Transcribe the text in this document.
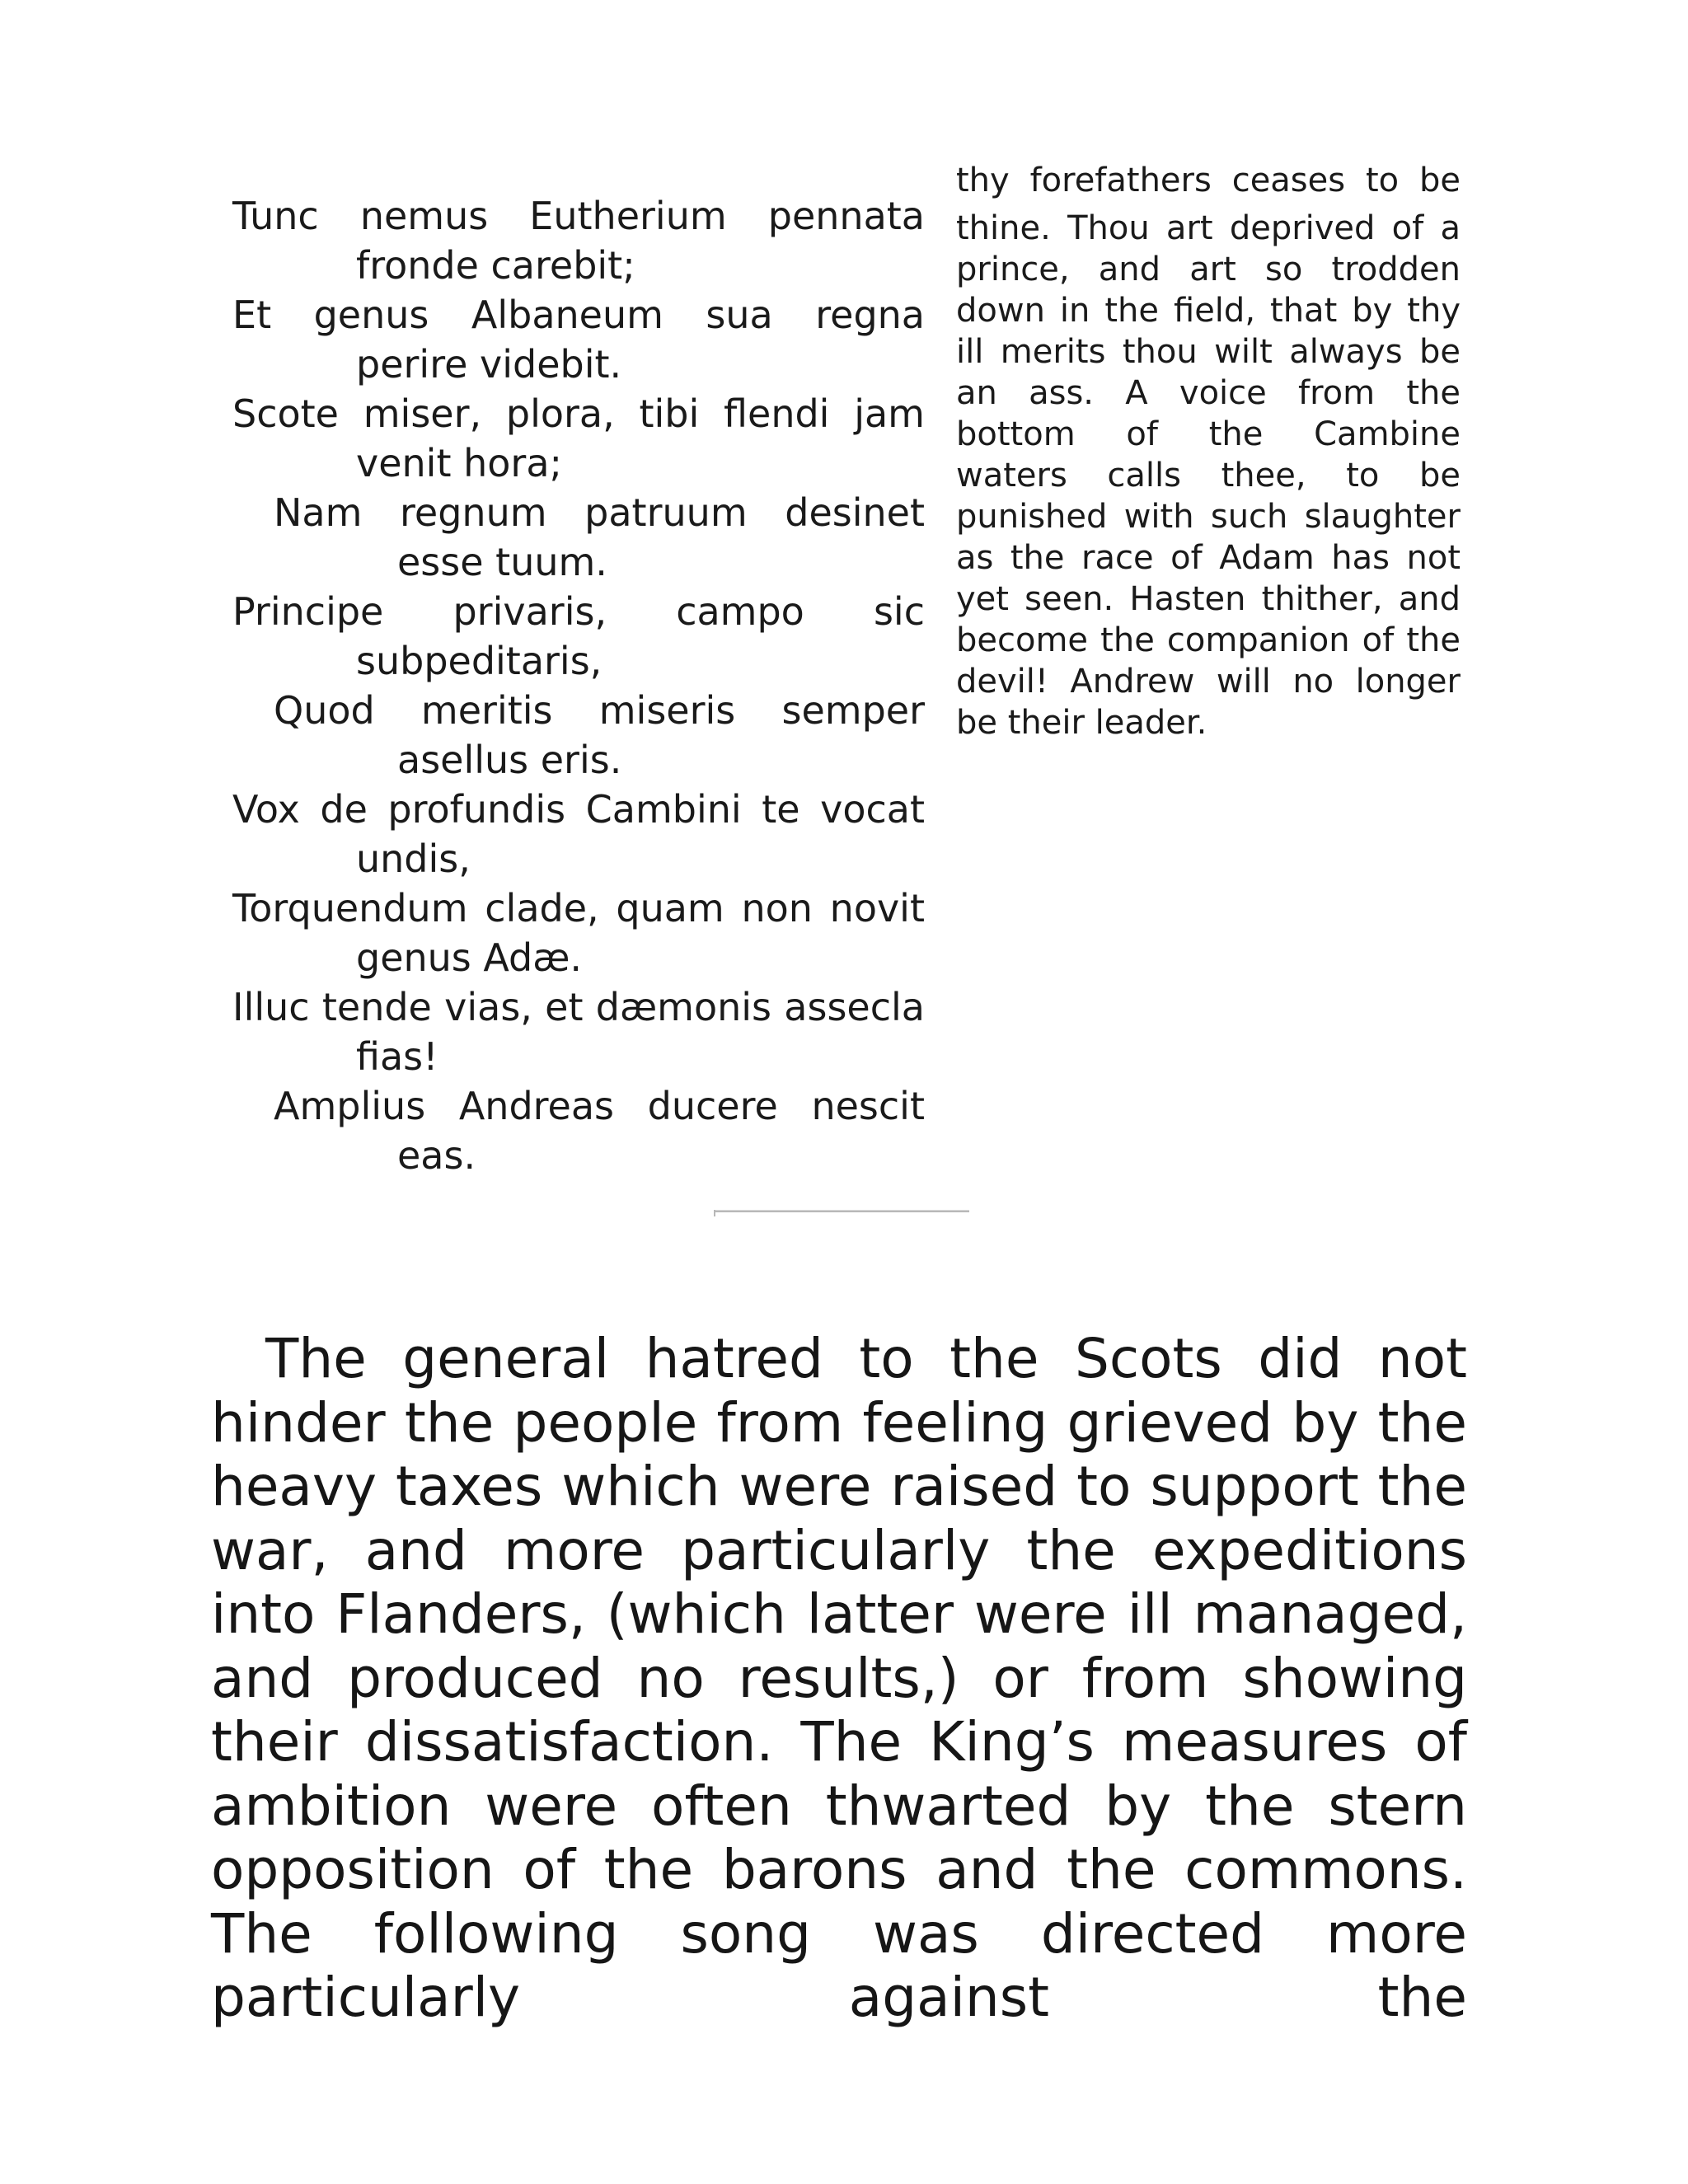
Tunc nemus Eutherium pennata fronde carebit;

Et genus Albaneum sua regna perire videbit.

Scote miser, plora, tibi flendi jam venit hora;

Nam regnum patruum desinet esse tuum.

Principe privaris, campo sic subpeditaris,

Quod meritis miseris semper asellus eris.

Vox de profundis Cambini te vocat undis,

Torquendum clade, quam non novit genus Adæ.

Illuc tende vias, et dæmonis assecla fias!

Amplius Andreas ducere nescit eas.

thy forefathers ceases to be

thine. Thou art deprived of a prince, and art so trodden down in the field, that by thy ill merits thou wilt always be an ass. A voice from the bottom of the Cambine waters calls thee, to be punished with such slaughter as the race of Adam has not yet seen. Hasten thither, and become the companion of the devil! Andrew will no longer be their leader.

The general hatred to the Scots did not hinder the people from feeling grieved by the heavy taxes which were raised to support the war, and more particularly the expeditions into Flanders, (which latter were ill managed, and produced no results,) or from showing their dissatisfaction. The King’s measures of ambition were often thwarted by the stern opposition of the barons and the commons. The following song was directed more particularly against the
